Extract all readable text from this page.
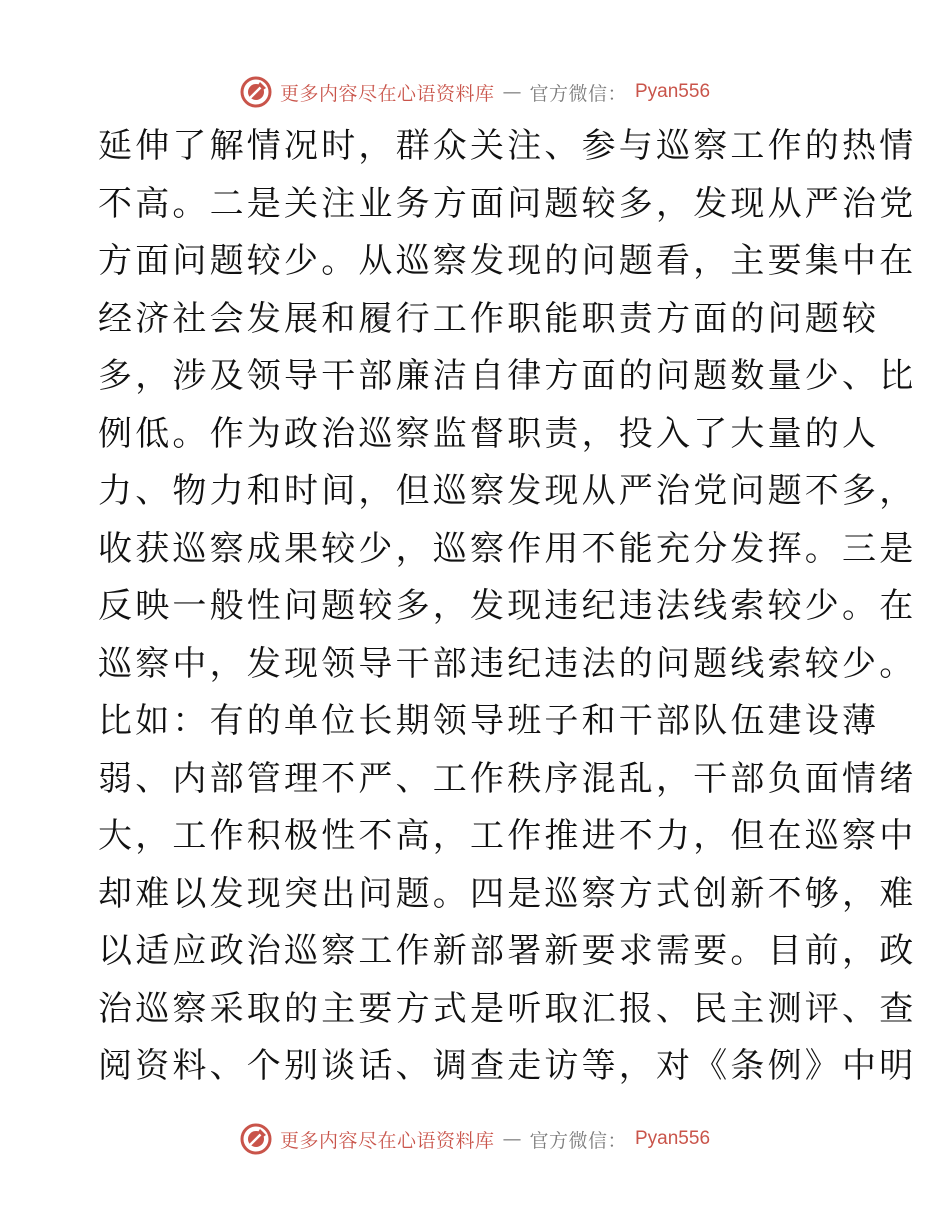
更多内容尽在心语资料库 — 官方微信： Pyan556
延伸了解情况时，群众关注、参与巡察工作的热情
不高。二是关注业务方面问题较多，发现从严治党
方面问题较少。从巡察发现的问题看，主要集中在
经济社会发展和履行工作职能职责方面的问题较
多，涉及领导干部廉洁自律方面的问题数量少、比
例低。作为政治巡察监督职责，投入了大量的人
力、物力和时间，但巡察发现从严治党问题不多，
收获巡察成果较少，巡察作用不能充分发挥。三是
反映一般性问题较多，发现违纪违法线索较少。在
巡察中，发现领导干部违纪违法的问题线索较少。
比如：有的单位长期领导班子和干部队伍建设薄
弱、内部管理不严、工作秩序混乱，干部负面情绪
大，工作积极性不高，工作推进不力，但在巡察中
却难以发现突出问题。四是巡察方式创新不够，难
以适应政治巡察工作新部署新要求需要。目前，政
治巡察采取的主要方式是听取汇报、民主测评、查
阅资料、个别谈话、调查走访等，对《条例》中明
更多内容尽在心语资料库 — 官方微信： Pyan556
